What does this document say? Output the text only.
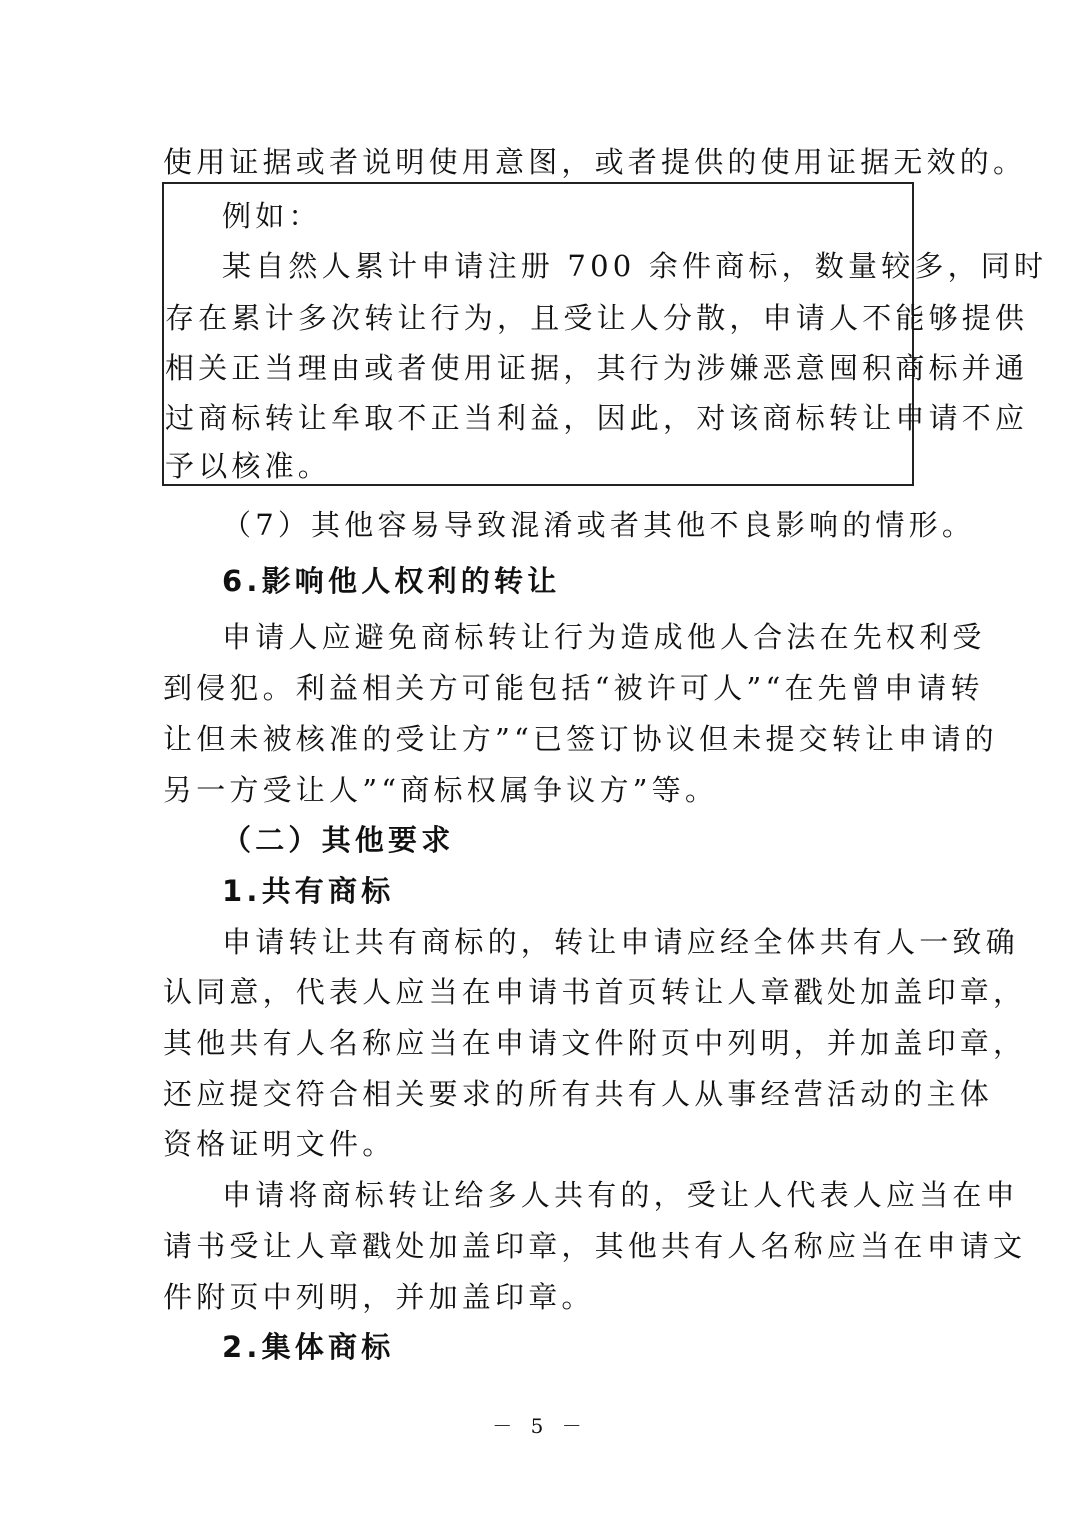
使用证据或者说明使用意图，或者提供的使用证据无效的。
例如：
某自然人累计申请注册 700 余件商标，数量较多，同时
存在累计多次转让行为，且受让人分散，申请人不能够提供
相关正当理由或者使用证据，其行为涉嫌恶意囤积商标并通
过商标转让牟取不正当利益，因此，对该商标转让申请不应
予以核准。
（7）其他容易导致混淆或者其他不良影响的情形。
6.影响他人权利的转让
申请人应避免商标转让行为造成他人合法在先权利受
到侵犯。利益相关方可能包括“被许可人”“在先曾申请转
让但未被核准的受让方”“已签订协议但未提交转让申请的
另一方受让人”“商标权属争议方”等。
（二）其他要求
1.共有商标
申请转让共有商标的，转让申请应经全体共有人一致确
认同意，代表人应当在申请书首页转让人章戳处加盖印章，
其他共有人名称应当在申请文件附页中列明，并加盖印章，
还应提交符合相关要求的所有共有人从事经营活动的主体
资格证明文件。
申请将商标转让给多人共有的，受让人代表人应当在申
请书受让人章戳处加盖印章，其他共有人名称应当在申请文
件附页中列明，并加盖印章。
2.集体商标
－ 5 －
